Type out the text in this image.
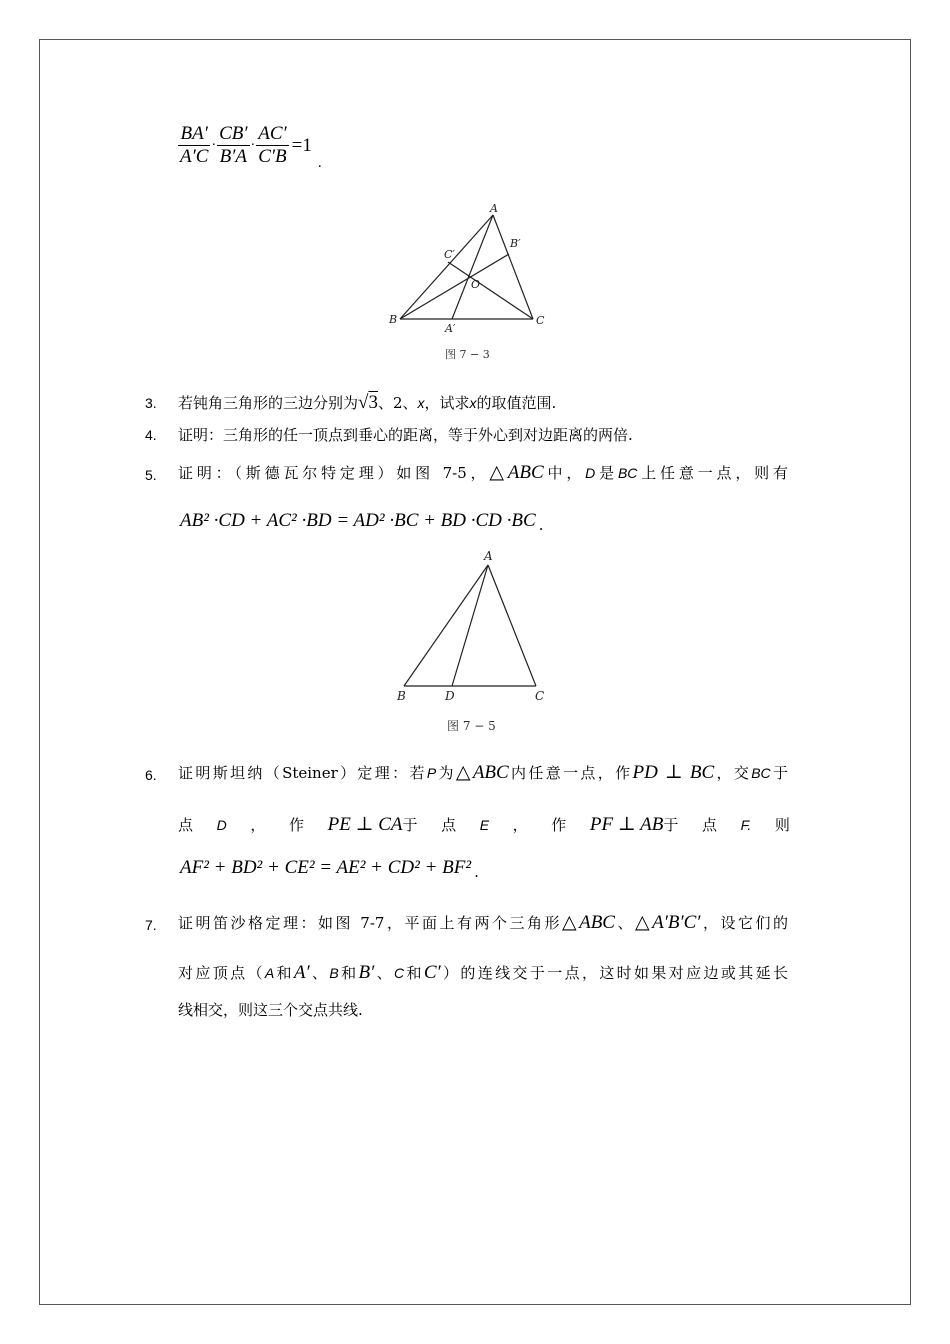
$\frac{BA'}{A'C} \cdot \frac{CB'}{B'A} \cdot \frac{AC'}{C'B} =1$.
A
B	C
A′
B′
C′
O
图 7 − 3
3. 若钝角三角形的三边分别为√3、2、x，试求x的取值范围.
4. 证明：三角形的任一顶点到垂心的距离，等于外心到对边距离的两倍.
5. 证明：（斯德瓦尔特定理）如图 7-5，△ABC中，D是BC上任意一点，则有
AB² ·CD + AC² ·BD = AD² ·BC + BD ·CD ·BC .
A
B	D	C
图 7 − 5
6. 证明斯坦纳（Steiner）定理：若P为△ABC内任意一点，作PD ⊥ BC，交BC于
点 D ， 作 PE ⊥ CA于 点 E ， 作 PF ⊥ AB于 点 F. 则
AF² + BD² + CE² = AE² + CD² + BF² .
7. 证明笛沙格定理：如图 7-7，平面上有两个三角形△ABC、△A′B′C′，设它们的
对应顶点（A和A′、B和B′、C和C′）的连线交于一点，这时如果对应边或其延长
线相交，则这三个交点共线.
